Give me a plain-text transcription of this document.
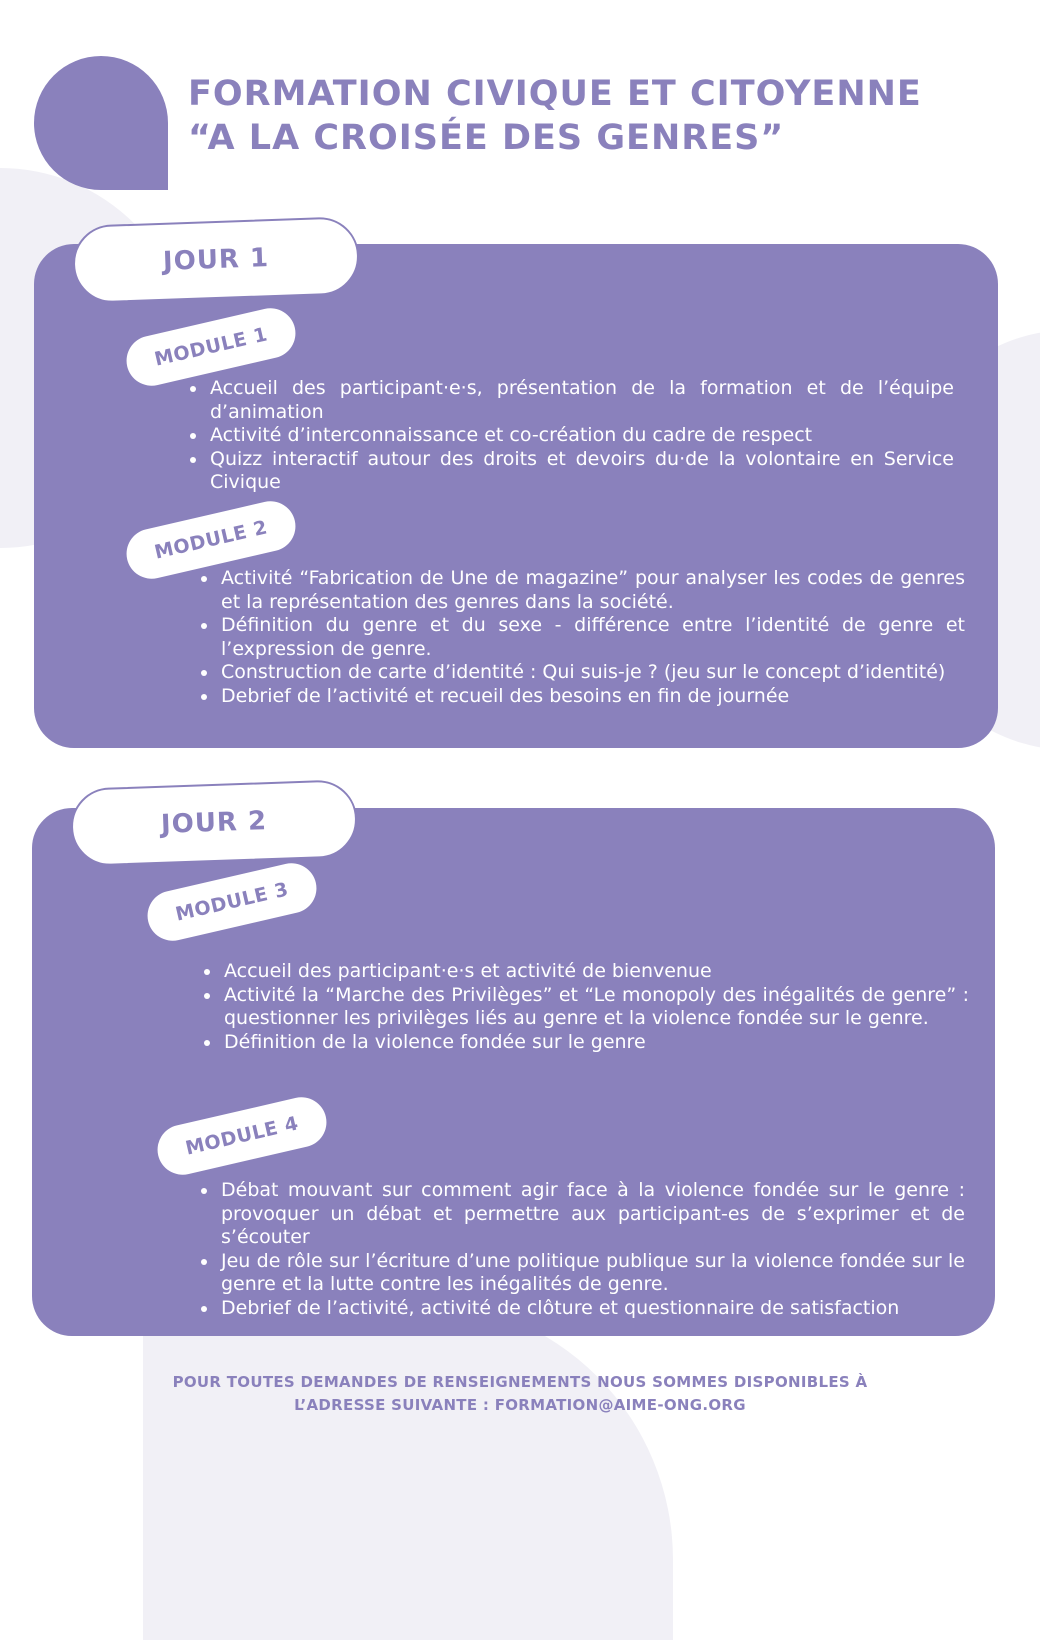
FORMATION CIVIQUE ET CITOYENNE
“A LA CROISÉE DES GENRES”
JOUR 1
MODULE 1
• Accueil des participant·e·s, présentation de la formation et de l’équipe d’animation
• Activité d’interconnaissance et co-création du cadre de respect
• Quizz interactif autour des droits et devoirs du·de la volontaire en Service Civique
MODULE 2
• Activité “Fabrication de Une de magazine” pour analyser les codes de genres et la représentation des genres dans la société.
• Définition du genre et du sexe - différence entre l’identité de genre et l’expression de genre.
• Construction de carte d’identité : Qui suis-je ? (jeu sur le concept d’identité)
• Debrief de l’activité et recueil des besoins en fin de journée
JOUR 2
MODULE 3
• Accueil des participant·e·s et activité de bienvenue
• Activité la “Marche des Privilèges” et “Le monopoly des inégalités de genre” : questionner les privilèges liés au genre et la violence fondée sur le genre.
• Définition de la violence fondée sur le genre
MODULE 4
• Débat mouvant sur comment agir face à la violence fondée sur le genre : provoquer un débat et permettre aux participant-es de s’exprimer et de s’écouter
• Jeu de rôle sur l’écriture d’une politique publique sur la violence fondée sur le genre et la lutte contre les inégalités de genre.
• Debrief de l’activité, activité de clôture et questionnaire de satisfaction

POUR TOUTES DEMANDES DE RENSEIGNEMENTS NOUS SOMMES DISPONIBLES À
L’ADRESSE SUIVANTE : FORMATION@AIME-ONG.ORG
